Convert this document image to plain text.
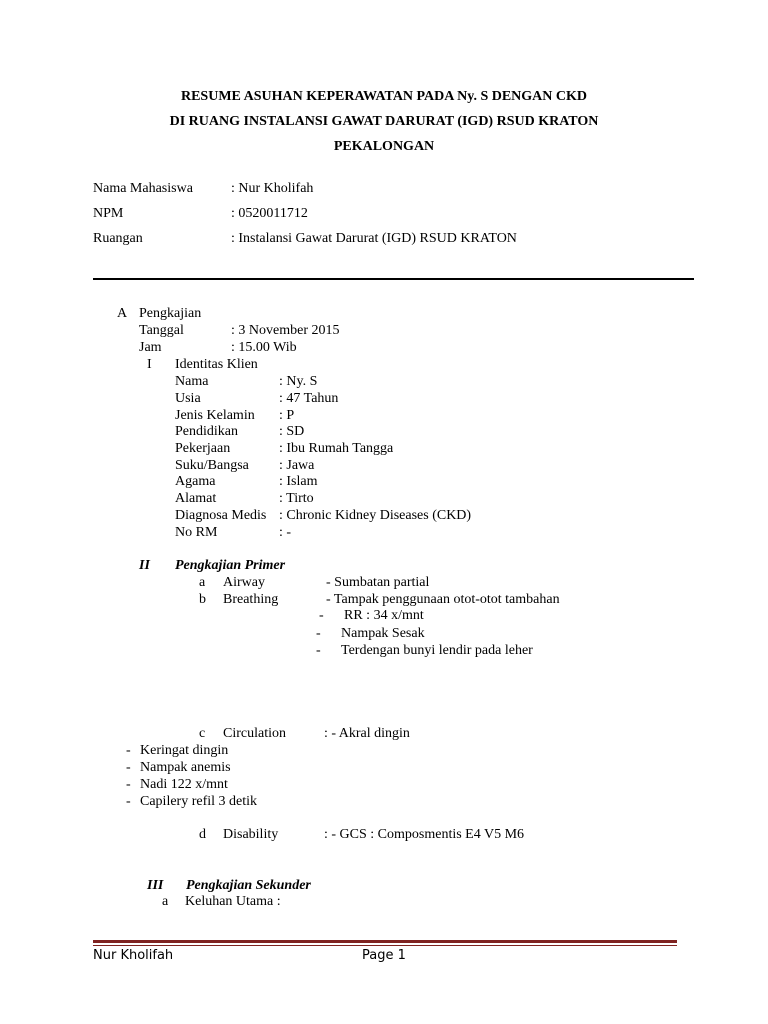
RESUME ASUHAN KEPERAWATAN PADA Ny. S DENGAN CKD
DI RUANG INSTALANSI GAWAT DARURAT (IGD) RSUD KRATON
PEKALONGAN
Nama Mahasiswa	: Nur Kholifah
NPM	: 0520011712
Ruangan	: Instalansi Gawat Darurat (IGD) RSUD KRATON
A Pengkajian
Tanggal	: 3 November 2015
Jam	: 15.00 Wib
I Identitas Klien
Nama	: Ny. S
Usia	: 47 Tahun
Jenis Kelamin : P
Pendidikan	: SD
Pekerjaan	: Ibu Rumah Tangga
Suku/Bangsa : Jawa
Agama	: Islam
Alamat	: Tirto
Diagnosa Medis : Chronic Kidney Diseases (CKD)
No RM	: -
II Pengkajian Primer
a Airway	- Sumbatan partial
b Breathing	- Tampak penggunaan otot-otot tambahan
- RR : 34 x/mnt
- Nampak Sesak
- Terdengan bunyi lendir pada leher
c Circulation	: - Akral dingin
- Keringat dingin
- Nampak anemis
- Nadi 122 x/mnt
- Capilery refil 3 detik
d Disability	: - GCS : Composmentis E4 V5 M6
III Pengkajian Sekunder
a Keluhan Utama :
Nur Kholifah	Page 1
